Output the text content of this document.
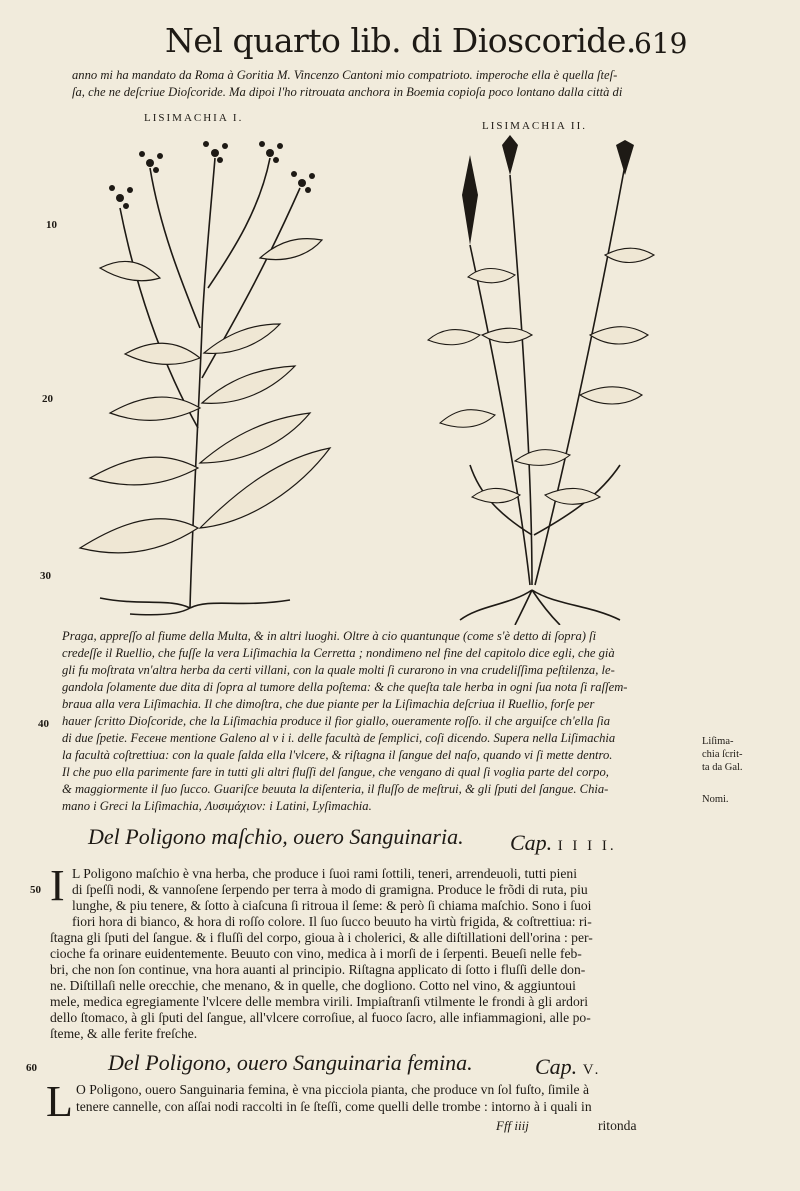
Nel quarto lib. di Dioscoride.
619
anno mi ha mandato da Roma à Goritia M. Vincenzo Cantoni mio compatrioto. imperoche ella è quella ſteſ-
ſa, che ne deſcriue Dioſcoride. Ma dipoi l'ho ritrouata anchora in Boemia copioſa poco lontano dalla città di
LISIMACHIA I.
LISIMACHIA II.
10
20
30
40
50
60
Praga, appreſſo al fiume della Multa, & in altri luoghi. Oltre à cio quantunque (come s'è detto di ſopra) ſi
credeſſe il Ruellio, che fuſſe la vera Liſimachia la Cerretta ; nondimeno nel fine del capitolo dice egli, che già
gli fu moſtrata vn'altra herba da certi villani, con la quale molti ſi curarono in vna crudeliſſima peſtilenza, le-
gandola ſolamente due dita di ſopra al tumore della poſtema: & che queſta tale herba in ogni ſua nota ſi raſſem-
braua alla vera Liſimachia. Il che dimoſtra, che due piante per la Liſimachia deſcriua il Ruellio, forſe per
hauer ſcritto Dioſcoride, che la Liſimachia produce il fior giallo, oueramente roſſo. il che arguiſce ch'ella ſia
di due ſpetie. Feceне mentione Galeno al v i i. delle facultà de ſemplici, coſi dicendo. Supera nella Liſimachia
la facultà coſtrettiua: con la quale ſalda ella l'vlcere, & riſtagna il ſangue del naſo, quando vi ſi mette dentro.
Il che puo ella parimente fare in tutti gli altri fluſſi del ſangue, che vengano di qual ſi voglia parte del corpo,
& maggiormente il ſuo ſucco. Guariſce beuuta la diſenteria, il fluſſo de meſtrui, & gli ſputi del ſangue. Chia-
mano i Greci la Liſimachia, Λυσιμάχιον: i Latini, Lyſimachia.
Liſima-
chia ſcrit-
ta da Gal.
Nomi.
Del Poligono maſchio, ouero Sanguinaria. Cap. I I I I.
I L Poligono maſchio è vna herba, che produce i ſuoi rami ſottili, teneri, arrendeuoli, tutti pieni
di ſpeſſi nodi, & vannoſene ſerpendo per terra à modo di gramigna. Produce le frõdi di ruta, piu
lunghe, & piu tenere, & ſotto à ciaſcuna ſi ritroua il ſeme: & però ſi chiama maſchio. Sono i ſuoi
fiori hora di bianco, & hora di roſſo colore. Il ſuo ſucco beuuto ha virtù frigida, & coſtrettiua: ri-
ſtagna gli ſputi del ſangue. & i fluſſi del corpo, gioua à i cholerici, & alle diſtillationi dell'orina : per-
cioche fa orinare euidentemente. Beuuto con vino, medica à i morſi de i ſerpenti. Beueſi nelle feb-
bri, che non ſon continue, vna hora auanti al principio. Riſtagna applicato di ſotto i fluſſi delle don-
ne. Diſtillaſi nelle orecchie, che menano, & in quelle, che dogliono. Cotto nel vino, & aggiuntoui
mele, medica egregiamente l'vlcere delle membra virili. Impiaſtranſi vtilmente le frondi à gli ardori
dello ſtomaco, à gli ſputi del ſangue, all'vlcere corroſiue, al fuoco ſacro, alle infiammagioni, alle po-
ſteme, & alle ferite freſche.
Del Poligono, ouero Sanguinaria femina.	Cap. V.
L O Poligono, ouero Sanguinaria femina, è vna picciola pianta, che produce vn ſol fuſto, ſimile à
tenere cannelle, con aſſai nodi raccolti in ſe ſteſſi, come quelli delle trombe : intorno à i quali in
Fff iiij	ritonda
